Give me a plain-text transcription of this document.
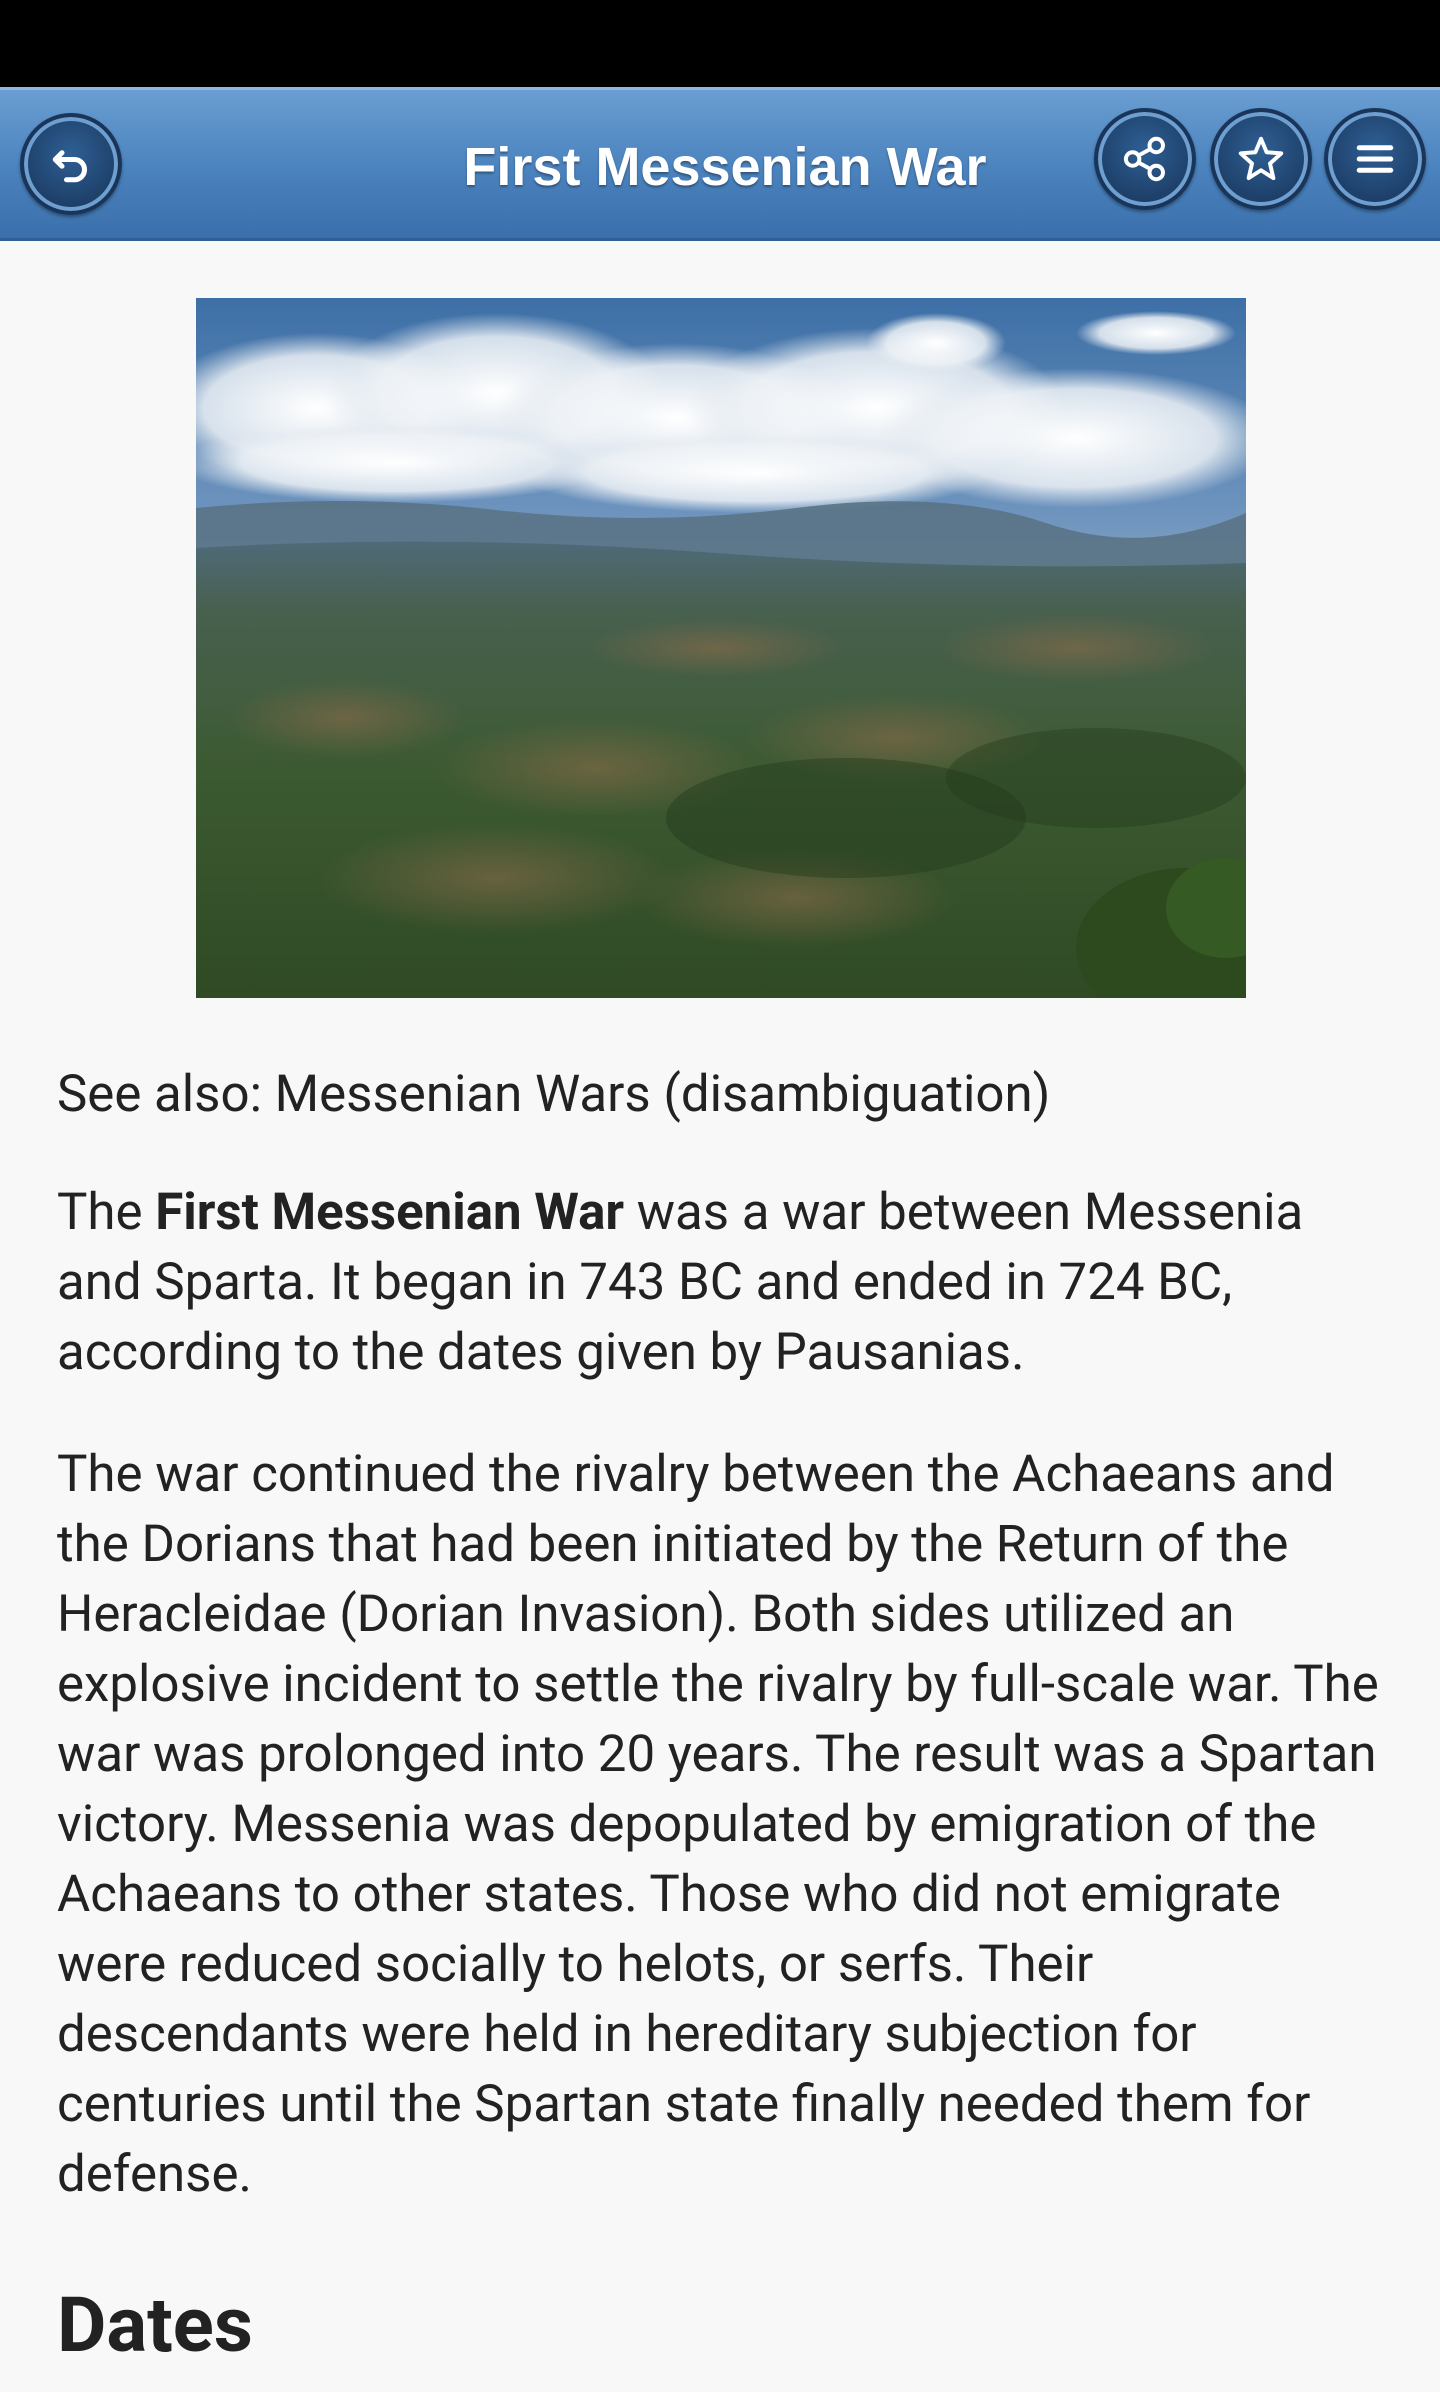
First Messenian War
See also: Messenian Wars (disambiguation)
The First Messenian War was a war between Messenia and Sparta. It began in 743 BC and ended in 724 BC, according to the dates given by Pausanias.
The war continued the rivalry between the Achaeans and the Dorians that had been initiated by the Return of the Heracleidae (Dorian Invasion). Both sides utilized an explosive incident to settle the rivalry by full-scale war. The war was prolonged into 20 years. The result was a Spartan victory. Messenia was depopulated by emigration of the Achaeans to other states. Those who did not emigrate were reduced socially to helots, or serfs. Their descendants were held in hereditary subjection for centuries until the Spartan state finally needed them for defense.
Dates
